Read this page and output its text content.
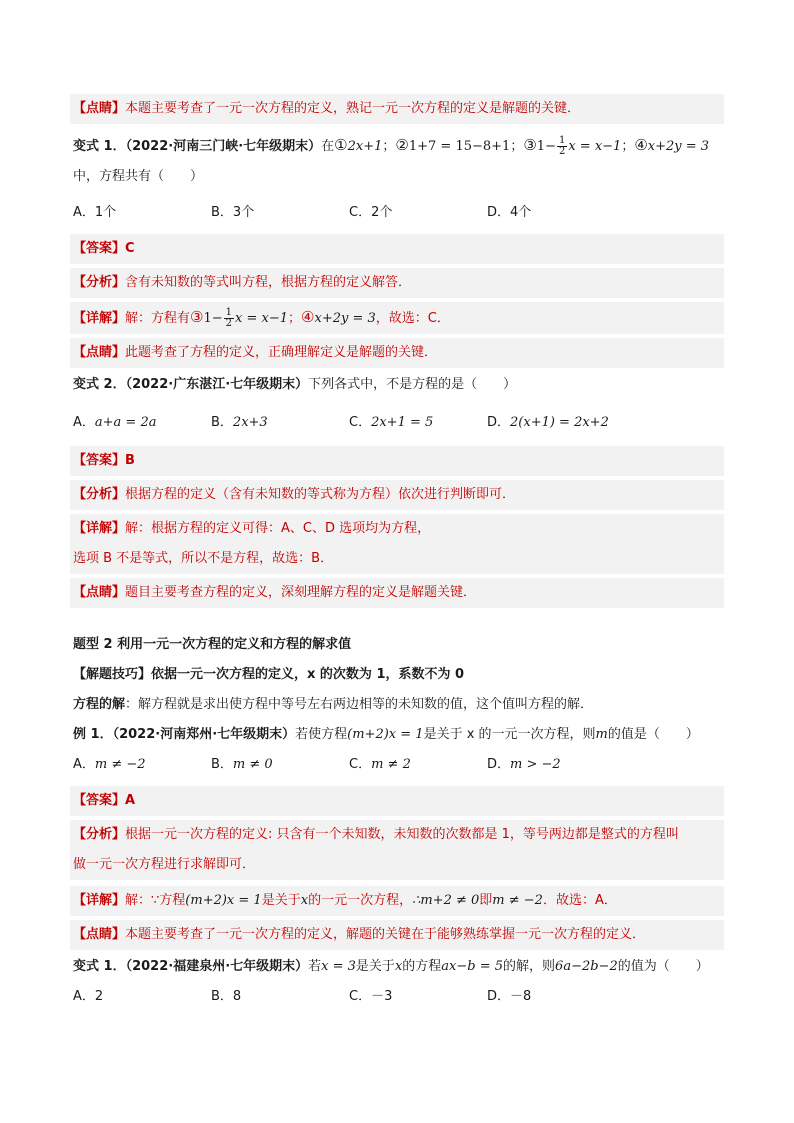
【点睛】本题主要考查了一元一次方程的定义，熟记一元一次方程的定义是解题的关键．
变式 1．（2022·河南三门峡·七年级期末）在①2x+1；②1+7 = 15−8+1；③1− $\frac{1}{2}$ x = x−1；④x+2y = 3
中，方程共有（　　）
A．1个	B．3个	C．2个	D．4个
【答案】C
【分析】含有未知数的等式叫方程，根据方程的定义解答．
【详解】解：方程有③1− $\frac{1}{2}$ x = x−1；④x+2y = 3，故选：C．
【点睛】此题考查了方程的定义，正确理解定义是解题的关键．
变式 2．（2022·广东湛江·七年级期末）下列各式中，不是方程的是（　　）
A．a+a = 2a	B．2x+3	C．2x+1 = 5	D．2(x+1) = 2x+2
【答案】B
【分析】根据方程的定义（含有未知数的等式称为方程）依次进行判断即可．
【详解】解：根据方程的定义可得：A、C、D 选项均为方程，
选项 B 不是等式，所以不是方程，故选：B．
【点睛】题目主要考查方程的定义，深刻理解方程的定义是解题关键．
题型 2 利用一元一次方程的定义和方程的解求值
【解题技巧】依据一元一次方程的定义，x 的次数为 1，系数不为 0
方程的解：解方程就是求出使方程中等号左右两边相等的未知数的值，这个值叫方程的解．
例 1．（2022·河南郑州·七年级期末）若使方程(m+2)x = 1是关于 x 的一元一次方程，则m的值是（　　）
A．m ≠ −2	B．m ≠ 0	C．m ≠ 2	D．m > −2
【答案】A
【分析】根据一元一次方程的定义: 只含有一个未知数，未知数的次数都是 1，等号两边都是整式的方程叫
做一元一次方程进行求解即可．
【详解】解：∵方程(m+2)x = 1是关于x的一元一次方程，∴m+2 ≠ 0即m ≠ −2．故选：A．
【点睛】本题主要考查了一元一次方程的定义，解题的关键在于能够熟练掌握一元一次方程的定义．
变式 1．（2022·福建泉州·七年级期末）若x = 3是关于x的方程ax−b = 5的解，则6a−2b−2的值为（　　）
A．2	B．8	C．－3	D．－8
